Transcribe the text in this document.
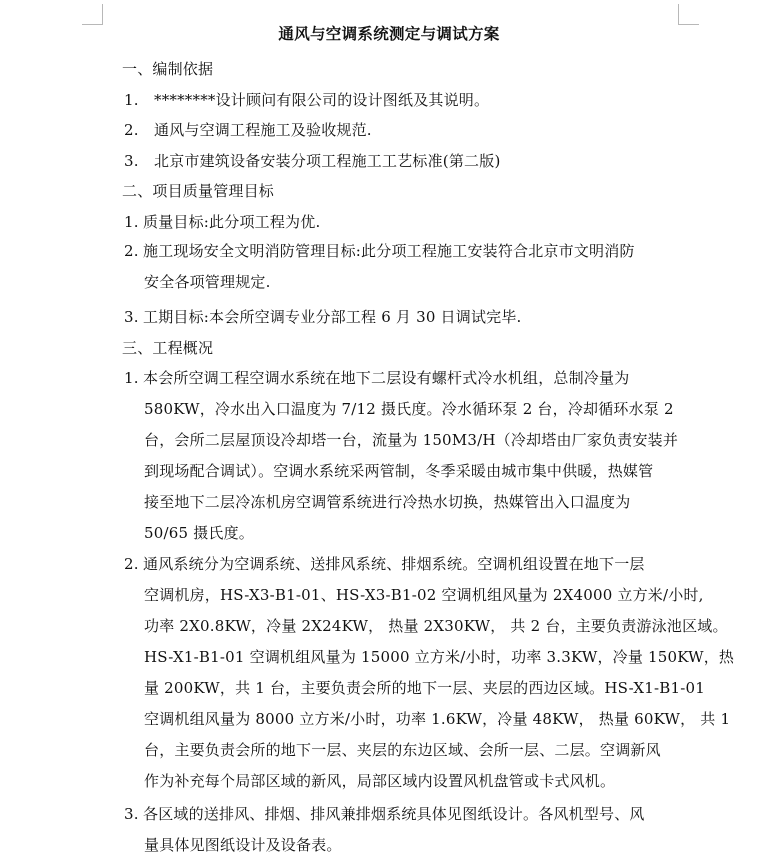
通风与空调系统测定与调试方案
一、编制依据
1. ********设计顾问有限公司的设计图纸及其说明。
2. 通风与空调工程施工及验收规范.
3. 北京市建筑设备安装分项工程施工工艺标准(第二版)
二、项目质量管理目标
1. 质量目标:此分项工程为优.
2. 施工现场安全文明消防管理目标:此分项工程施工安装符合北京市文明消防
安全各项管理规定.
3. 工期目标:本会所空调专业分部工程 6 月 30 日调试完毕.
三、工程概况
1. 本会所空调工程空调水系统在地下二层设有螺杆式冷水机组，总制冷量为
580KW，冷水出入口温度为 7/12 摄氏度。冷水循环泵 2 台，冷却循环水泵 2
台，会所二层屋顶设冷却塔一台，流量为 150M3/H（冷却塔由厂家负责安装并
到现场配合调试）。空调水系统采两管制，冬季采暖由城市集中供暖，热媒管
接至地下二层冷冻机房空调管系统进行冷热水切换，热媒管出入口温度为
50/65 摄氏度。
2. 通风系统分为空调系统、送排风系统、排烟系统。空调机组设置在地下一层
空调机房，HS-X3-B1-01、HS-X3-B1-02 空调机组风量为 2X4000 立方米/小时,
功率 2X0.8KW，冷量 2X24KW， 热量 2X30KW， 共 2 台，主要负责游泳池区域。
HS-X1-B1-01 空调机组风量为 15000 立方米/小时，功率 3.3KW，冷量 150KW，热
量 200KW，共 1 台，主要负责会所的地下一层、夹层的西边区域。HS-X1-B1-01
空调机组风量为 8000 立方米/小时，功率 1.6KW，冷量 48KW， 热量 60KW， 共 1
台，主要负责会所的地下一层、夹层的东边区域、会所一层、二层。空调新风
作为补充每个局部区域的新风，局部区域内设置风机盘管或卡式风机。
3. 各区域的送排风、排烟、排风兼排烟系统具体见图纸设计。各风机型号、风
量具体见图纸设计及设备表。
